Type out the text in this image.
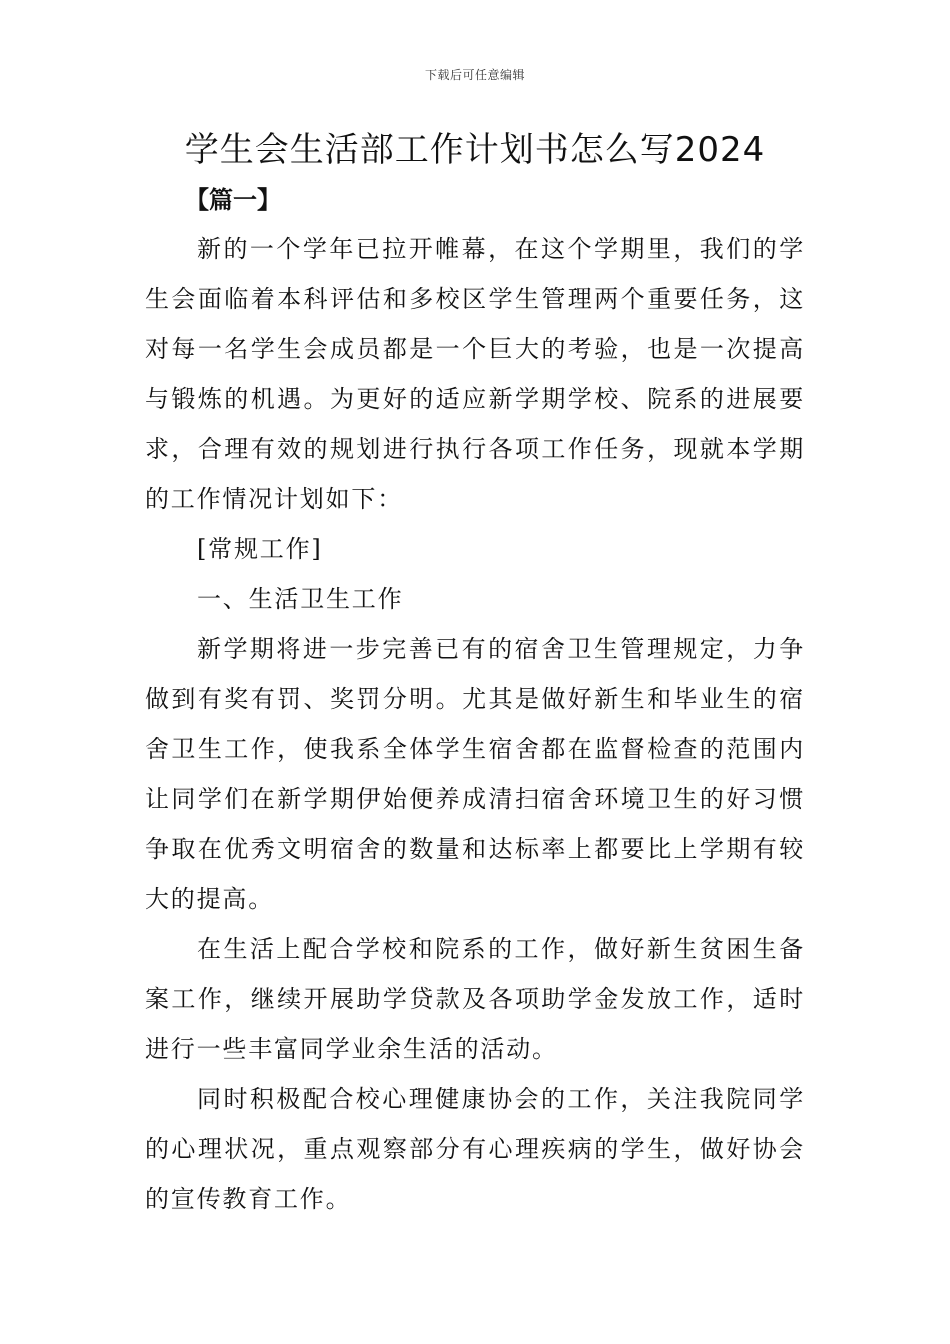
下载后可任意编辑
学生会生活部工作计划书怎么写2024
【篇一】

新的一个学年已拉开帷幕，在这个学期里，我们的学生会面临着本科评估和多校区学生管理两个重要任务，这对每一名学生会成员都是一个巨大的考验，也是一次提高与锻炼的机遇。为更好的适应新学期学校、院系的进展要求，合理有效的规划进行执行各项工作任务，现就本学期的工作情况计划如下：

[常规工作]

一、生活卫生工作

新学期将进一步完善已有的宿舍卫生管理规定，力争做到有奖有罚、奖罚分明。尤其是做好新生和毕业生的宿舍卫生工作，使我系全体学生宿舍都在监督检查的范围内让同学们在新学期伊始便养成清扫宿舍环境卫生的好习惯争取在优秀文明宿舍的数量和达标率上都要比上学期有较大的提高。

在生活上配合学校和院系的工作，做好新生贫困生备案工作，继续开展助学贷款及各项助学金发放工作，适时进行一些丰富同学业余生活的活动。

同时积极配合校心理健康协会的工作，关注我院同学的心理状况，重点观察部分有心理疾病的学生，做好协会的宣传教育工作。
